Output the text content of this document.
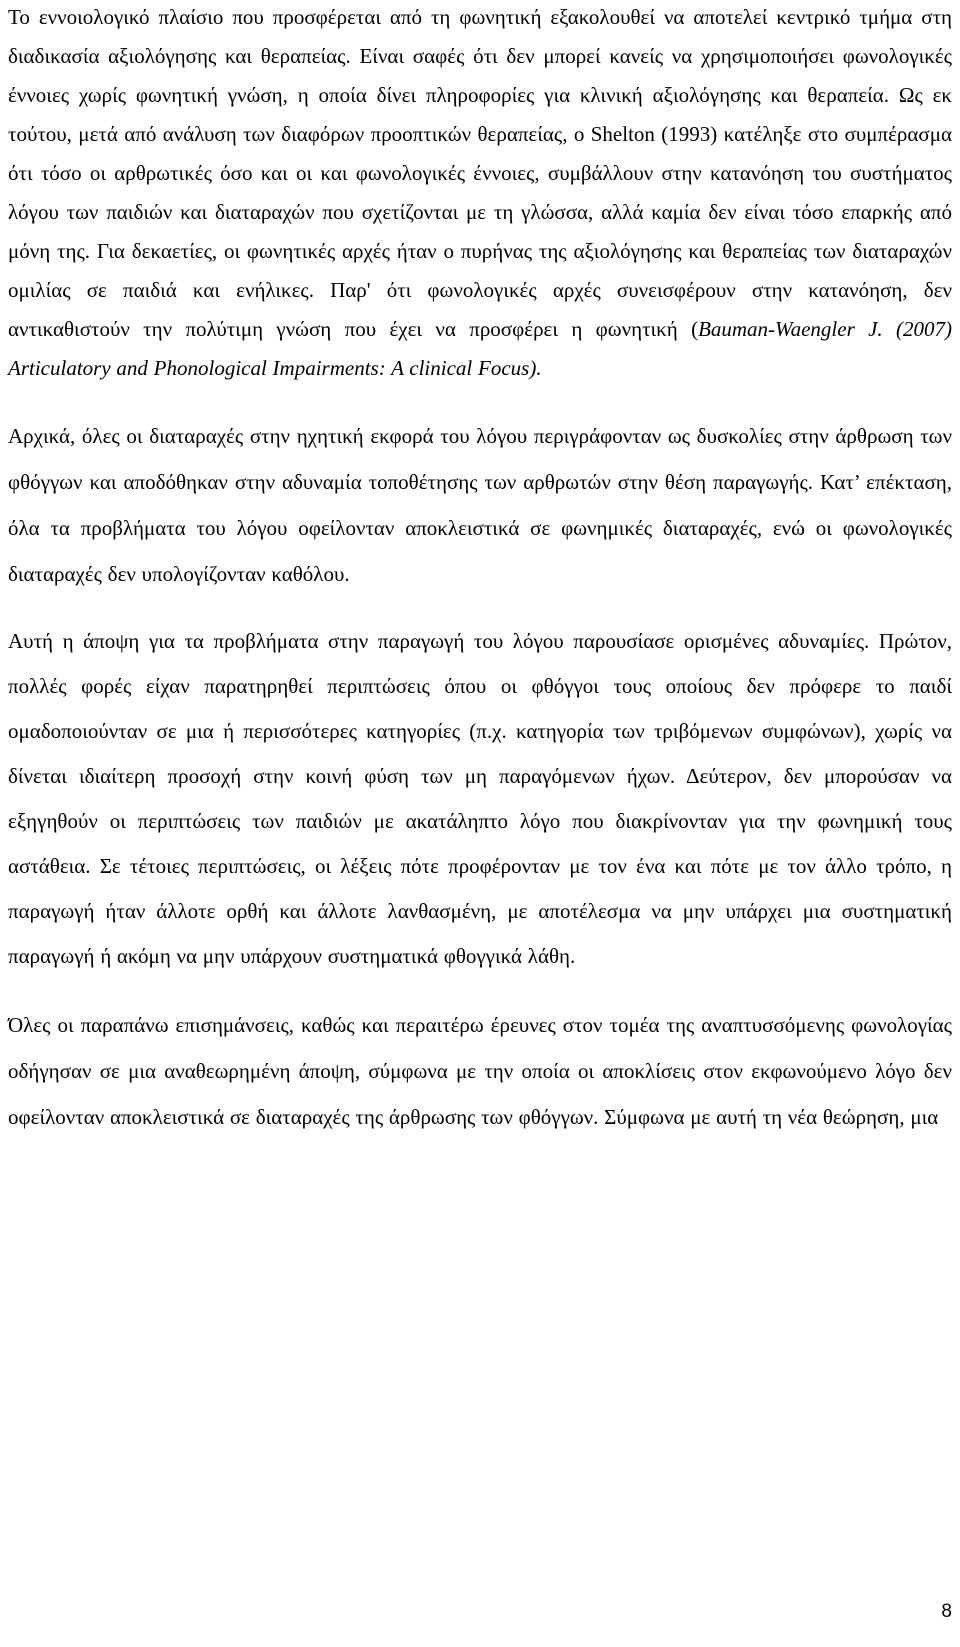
Το εννοιολογικό πλαίσιο που προσφέρεται από τη φωνητική εξακολουθεί να αποτελεί κεντρικό τμήμα στη διαδικασία αξιολόγησης και θεραπείας. Είναι σαφές ότι δεν μπορεί κανείς να χρησιμοποιήσει φωνολογικές έννοιες χωρίς φωνητική γνώση, η οποία δίνει πληροφορίες για κλινική αξιολόγησης και θεραπεία. Ως εκ τούτου, μετά από ανάλυση των διαφόρων προοπτικών θεραπείας, ο Shelton (1993) κατέληξε στο συμπέρασμα ότι τόσο οι αρθρωτικές όσο και οι και φωνολογικές έννοιες, συμβάλλουν στην κατανόηση του συστήματος λόγου των παιδιών και διαταραχών που σχετίζονται με τη γλώσσα, αλλά καμία δεν είναι τόσο επαρκής από μόνη της. Για δεκαετίες, οι φωνητικές αρχές ήταν ο πυρήνας της αξιολόγησης και θεραπείας των διαταραχών ομιλίας σε παιδιά και ενήλικες. Παρ' ότι φωνολογικές αρχές συνεισφέρουν στην κατανόηση, δεν αντικαθιστούν την πολύτιμη γνώση που έχει να προσφέρει η φωνητική (Bauman-Waengler J. (2007) Articulatory and Phonological Impairments: A clinical Focus).

Αρχικά, όλες οι διαταραχές στην ηχητική εκφορά του λόγου περιγράφονταν ως δυσκολίες στην άρθρωση των φθόγγων και αποδόθηκαν στην αδυναμία τοποθέτησης των αρθρωτών στην θέση παραγωγής. Κατ’ επέκταση, όλα τα προβλήματα του λόγου οφείλονταν αποκλειστικά σε φωνημικές διαταραχές, ενώ οι φωνολογικές διαταραχές δεν υπολογίζονταν καθόλου.

Αυτή η άποψη για τα προβλήματα στην παραγωγή του λόγου παρουσίασε ορισμένες αδυναμίες. Πρώτον, πολλές φορές είχαν παρατηρηθεί περιπτώσεις όπου οι φθόγγοι τους οποίους δεν πρόφερε το παιδί ομαδοποιούνταν σε μια ή περισσότερες κατηγορίες (π.χ. κατηγορία των τριβόμενων συμφώνων), χωρίς να δίνεται ιδιαίτερη προσοχή στην κοινή φύση των μη παραγόμενων ήχων. Δεύτερον, δεν μπορούσαν να εξηγηθούν οι περιπτώσεις των παιδιών με ακατάληπτο λόγο που διακρίνονταν για την φωνημική τους αστάθεια. Σε τέτοιες περιπτώσεις, οι λέξεις πότε προφέρονταν με τον ένα και πότε με τον άλλο τρόπο, η παραγωγή ήταν άλλοτε ορθή και άλλοτε λανθασμένη, με αποτέλεσμα να μην υπάρχει μια συστηματική παραγωγή ή ακόμη να μην υπάρχουν συστηματικά φθογγικά λάθη.

Όλες οι παραπάνω επισημάνσεις, καθώς και περαιτέρω έρευνες στον τομέα της αναπτυσσόμενης φωνολογίας οδήγησαν σε μια αναθεωρημένη άποψη, σύμφωνα με την οποία οι αποκλίσεις στον εκφωνούμενο λόγο δεν οφείλονταν αποκλειστικά σε διαταραχές της άρθρωσης των φθόγγων. Σύμφωνα με αυτή τη νέα θεώρηση, μια

8
